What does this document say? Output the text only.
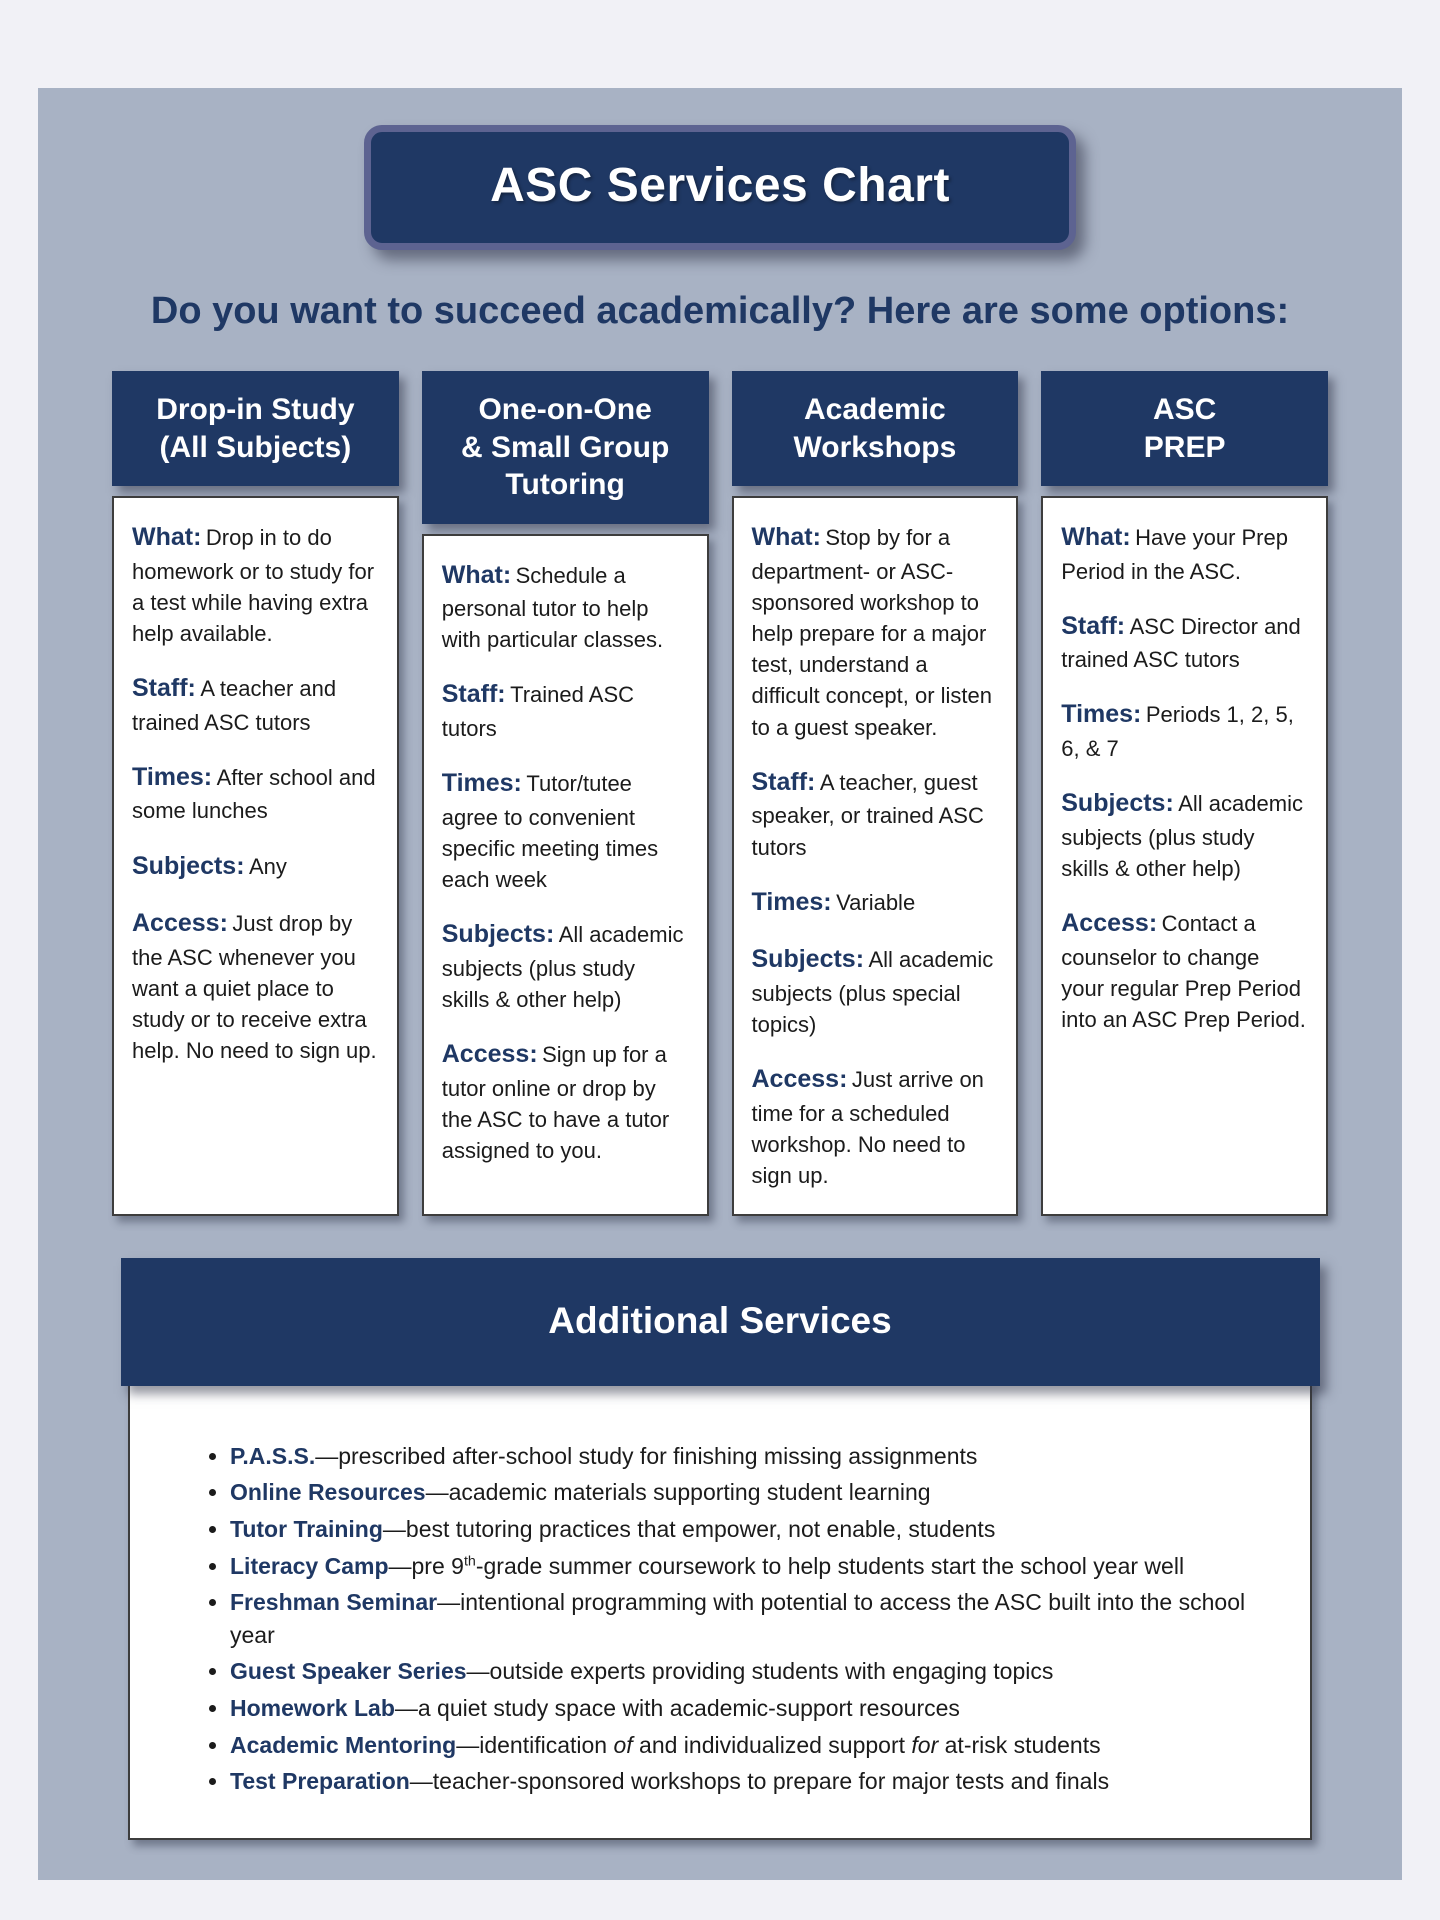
ASC Services Chart
Do you want to succeed academically? Here are some options:
Drop-in Study
(All Subjects)

What: Drop in to do homework or to study for a test while having extra help available.

Staff: A teacher and trained ASC tutors

Times: After school and some lunches

Subjects: Any

Access: Just drop by the ASC whenever you want a quiet place to study or to receive extra help. No need to sign up.

One-on-One
& Small Group
Tutoring

What: Schedule a personal tutor to help with particular classes.

Staff: Trained ASC tutors

Times: Tutor/tutee agree to convenient specific meeting times each week

Subjects: All academic subjects (plus study skills & other help)

Access: Sign up for a tutor online or drop by the ASC to have a tutor assigned to you.

Academic
Workshops

What: Stop by for a department- or ASC-sponsored workshop to help prepare for a major test, understand a difficult concept, or listen to a guest speaker.

Staff: A teacher, guest speaker, or trained ASC tutors

Times: Variable

Subjects: All academic subjects (plus special topics)

Access: Just arrive on time for a scheduled workshop. No need to sign up.

ASC
PREP

What: Have your Prep Period in the ASC.

Staff: ASC Director and trained ASC tutors

Times: Periods 1, 2, 5, 6, & 7

Subjects: All academic subjects (plus study skills & other help)

Access: Contact a counselor to change your regular Prep Period into an ASC Prep Period.

Additional Services
• P.A.S.S.—prescribed after-school study for finishing missing assignments
• Online Resources—academic materials supporting student learning
• Tutor Training—best tutoring practices that empower, not enable, students
• Literacy Camp—pre 9th-grade summer coursework to help students start the school year well
• Freshman Seminar—intentional programming with potential to access the ASC built into the school year
• Guest Speaker Series—outside experts providing students with engaging topics
• Homework Lab—a quiet study space with academic-support resources
• Academic Mentoring—identification of and individualized support for at-risk students
• Test Preparation—teacher-sponsored workshops to prepare for major tests and finals
